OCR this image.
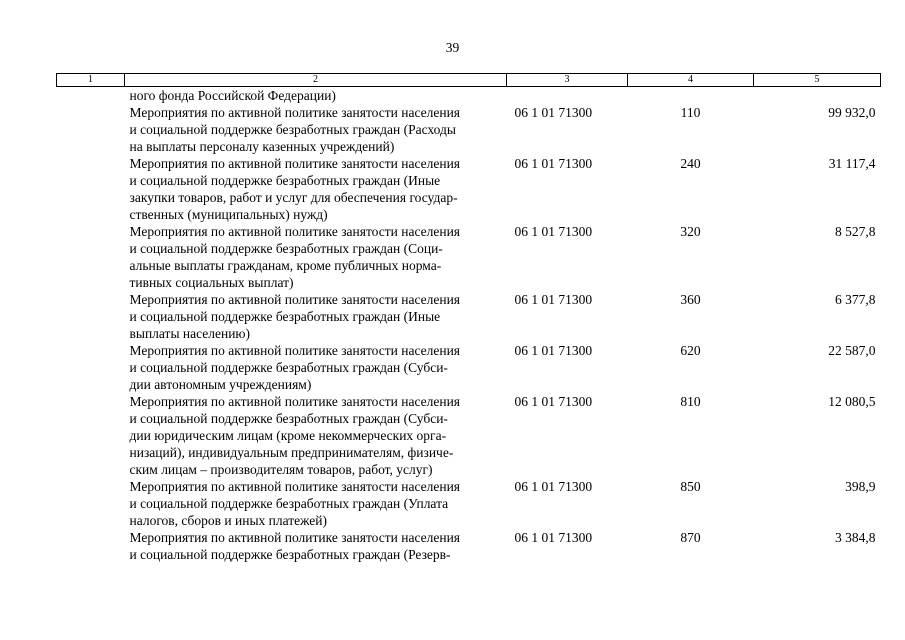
39
1	2	3	4	5
	ного фонда Российской Федерации)			

	Мероприятия по активной политике занятости населения
и социальной поддержке безработных граждан (Расходы
на выплаты персоналу казенных учреждений)	06 1 01 71300	110	99 932,0

	Мероприятия по активной политике занятости населения
и социальной поддержке безработных граждан (Иные
закупки товаров, работ и услуг для обеспечения государ-
ственных (муниципальных) нужд)	06 1 01 71300	240	31 117,4

	Мероприятия по активной политике занятости населения
и социальной поддержке безработных граждан (Соци-
альные выплаты гражданам, кроме публичных норма-
тивных социальных выплат)	06 1 01 71300	320	8 527,8

	Мероприятия по активной политике занятости населения
и социальной поддержке безработных граждан (Иные
выплаты населению)	06 1 01 71300	360	6 377,8

	Мероприятия по активной политике занятости населения
и социальной поддержке безработных граждан (Субси-
дии автономным учреждениям)	06 1 01 71300	620	22 587,0

	Мероприятия по активной политике занятости населения
и социальной поддержке безработных граждан (Субси-
дии юридическим лицам (кроме некоммерческих орга-
низаций), индивидуальным предпринимателям, физиче-
ским лицам – производителям товаров, работ, услуг)	06 1 01 71300	810	12 080,5

	Мероприятия по активной политике занятости населения
и социальной поддержке безработных граждан (Уплата
налогов, сборов и иных платежей)	06 1 01 71300	850	398,9

	Мероприятия по активной политике занятости населения
и социальной поддержке безработных граждан (Резерв-	06 1 01 71300	870	3 384,8
